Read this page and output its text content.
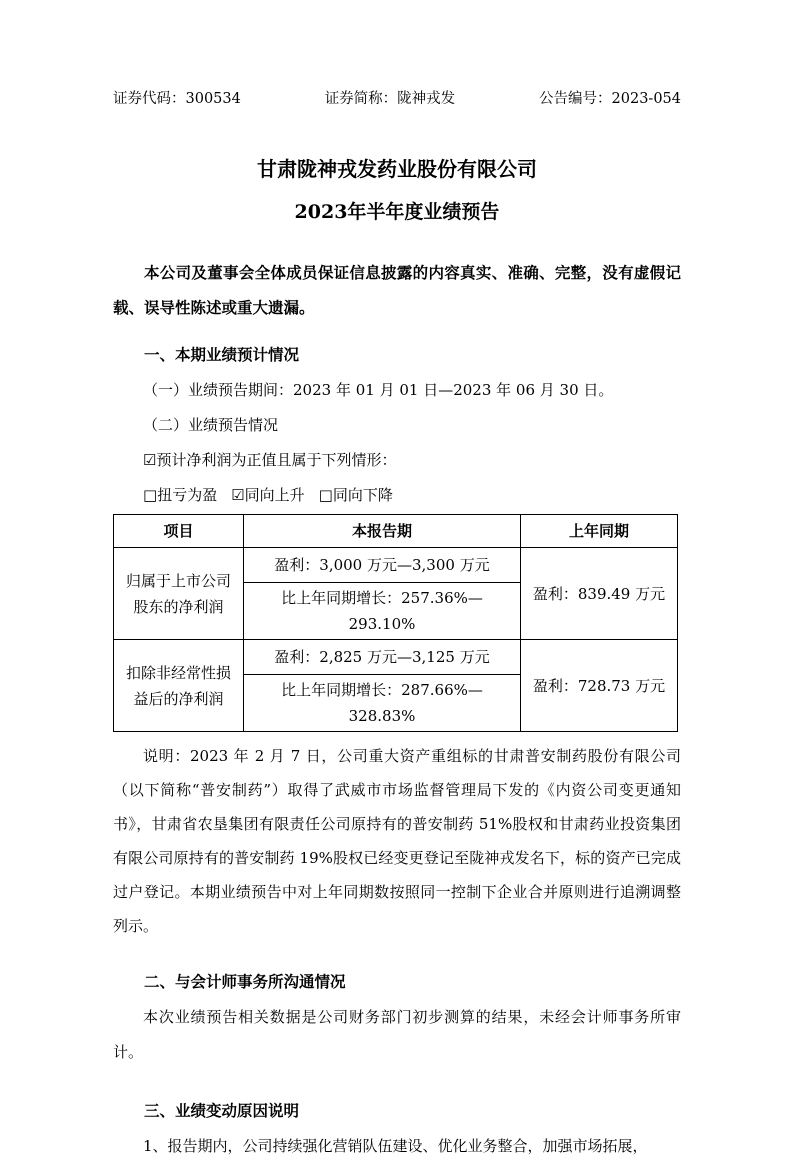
证券代码：300534	证券简称：陇神戎发	公告编号：2023-054
甘肃陇神戎发药业股份有限公司
2023年半年度业绩预告
本公司及董事会全体成员保证信息披露的内容真实、准确、完整，没有虚假记载、误导性陈述或重大遗漏。
一、本期业绩预计情况
（一）业绩预告期间：2023 年 01 月 01 日—2023 年 06 月 30 日。
（二）业绩预告情况
☑预计净利润为正值且属于下列情形：
□扭亏为盈 ☑同向上升 □同向下降
项目	本报告期	上年同期
归属于上市公司股东的净利润	盈利：3,000 万元—3,300 万元	盈利：839.49 万元
	比上年同期增长：257.36%—293.10%	
扣除非经常性损益后的净利润	盈利：2,825 万元—3,125 万元	盈利：728.73 万元
	比上年同期增长：287.66%—328.83%	
说明：2023 年 2 月 7 日，公司重大资产重组标的甘肃普安制药股份有限公司（以下简称“普安制药”）取得了武威市市场监督管理局下发的《内资公司变更通知书》，甘肃省农垦集团有限责任公司原持有的普安制药 51%股权和甘肃药业投资集团有限公司原持有的普安制药 19%股权已经变更登记至陇神戎发名下，标的资产已完成过户登记。本期业绩预告中对上年同期数按照同一控制下企业合并原则进行追溯调整列示。
二、与会计师事务所沟通情况
本次业绩预告相关数据是公司财务部门初步测算的结果，未经会计师事务所审计。
三、业绩变动原因说明
1、报告期内，公司持续强化营销队伍建设、优化业务整合，加强市场拓展，
